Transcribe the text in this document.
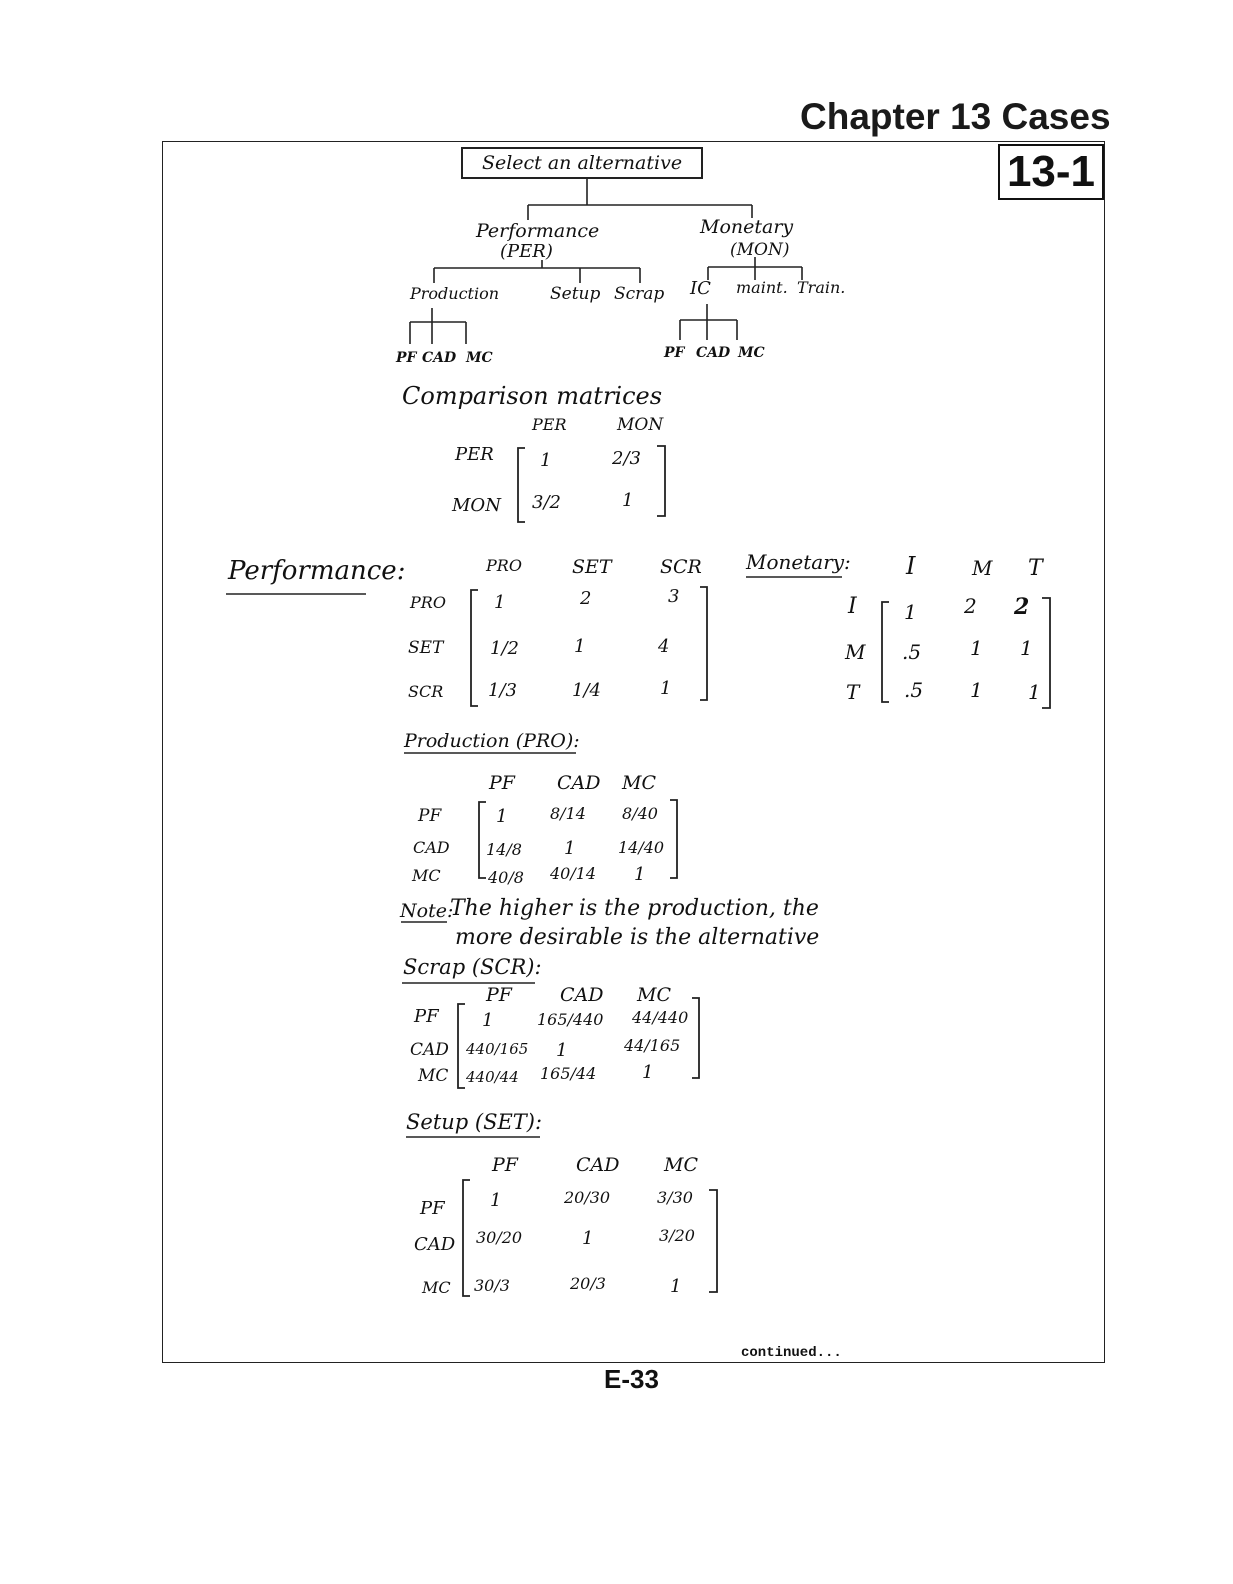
Chapter 13 Cases
13-1
Select an alternative
Performance
(PER)
Monetary
(MON)
Production	Setup Scrap IC maint. Train.
PF CAD MC	PF CAD MC
Comparison matrices
PER	MON
PER
MON
1	2/3
3/2	1
Performance:	PRO	SET	SCR
PRO
SET
SCR
1	2	3
1/2	1	4
1/3	1/4	1
Monetary: I	M T
I
M
T
1 2 2
.5 1 1
.5 1 1
Production (PRO):
PF CAD MC
PF
CAD
MC
1	8/14 8/40
14/8 1	14/40
40/8 40/14 1
Note:
The higher is the production, the
more desirable is the alternative
Scrap (SCR):
PF	CAD MC
PF
CAD
MC
1	165/440 44/440
440/165 1	44/165
440/44 165/44	1
Setup (SET):
PF	CAD MC
PF
CAD
MC
1	20/30	3/30
30/20	1	3/20
30/3	20/3	1
continued...
E-33
